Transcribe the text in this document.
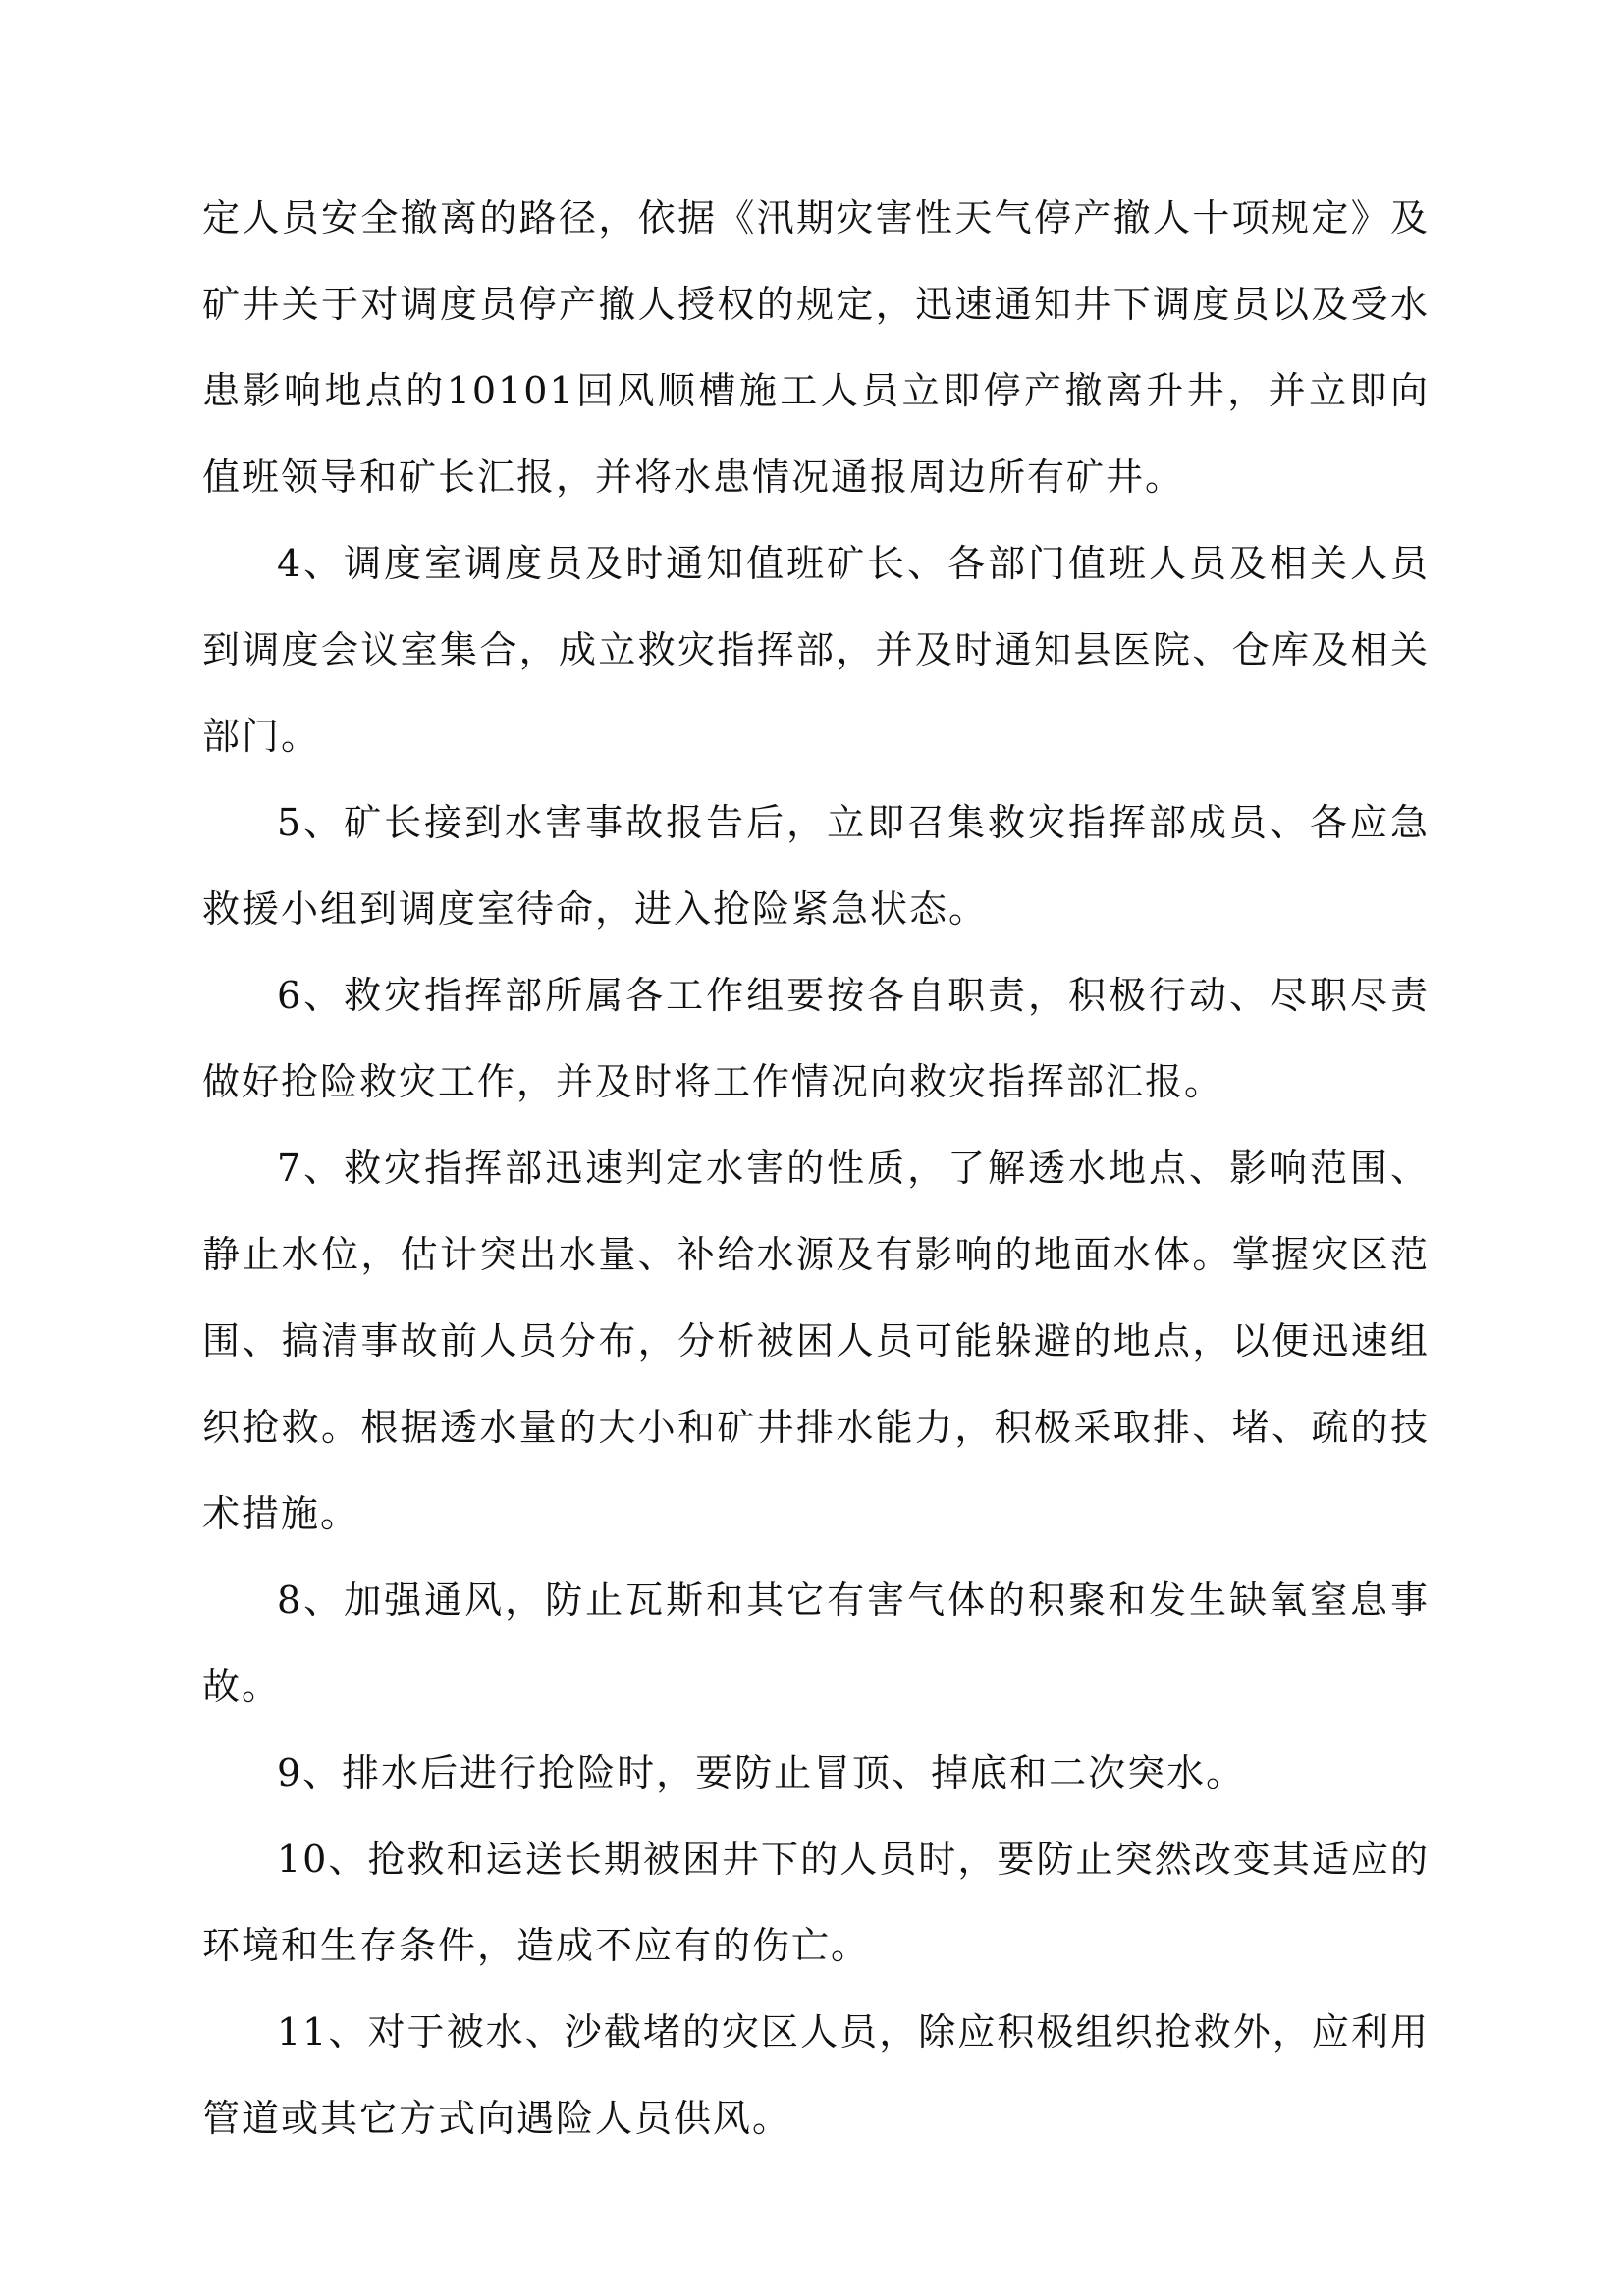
定人员安全撤离的路径，依据《汛期灾害性天气停产撤人十项规定》及矿井关于对调度员停产撤人授权的规定，迅速通知井下调度员以及受水患影响地点的10101回风顺槽施工人员立即停产撤离升井，并立即向值班领导和矿长汇报，并将水患情况通报周边所有矿井。

4、调度室调度员及时通知值班矿长、各部门值班人员及相关人员到调度会议室集合，成立救灾指挥部，并及时通知县医院、仓库及相关部门。

5、矿长接到水害事故报告后，立即召集救灾指挥部成员、各应急救援小组到调度室待命，进入抢险紧急状态。

6、救灾指挥部所属各工作组要按各自职责，积极行动、尽职尽责做好抢险救灾工作，并及时将工作情况向救灾指挥部汇报。

7、救灾指挥部迅速判定水害的性质，了解透水地点、影响范围、静止水位，估计突出水量、补给水源及有影响的地面水体。掌握灾区范围、搞清事故前人员分布，分析被困人员可能躲避的地点，以便迅速组织抢救。根据透水量的大小和矿井排水能力，积极采取排、堵、疏的技术措施。

8、加强通风，防止瓦斯和其它有害气体的积聚和发生缺氧窒息事故。

9、排水后进行抢险时，要防止冒顶、掉底和二次突水。

10、抢救和运送长期被困井下的人员时，要防止突然改变其适应的环境和生存条件，造成不应有的伤亡。

11、对于被水、沙截堵的灾区人员，除应积极组织抢救外，应利用管道或其它方式向遇险人员供风。
